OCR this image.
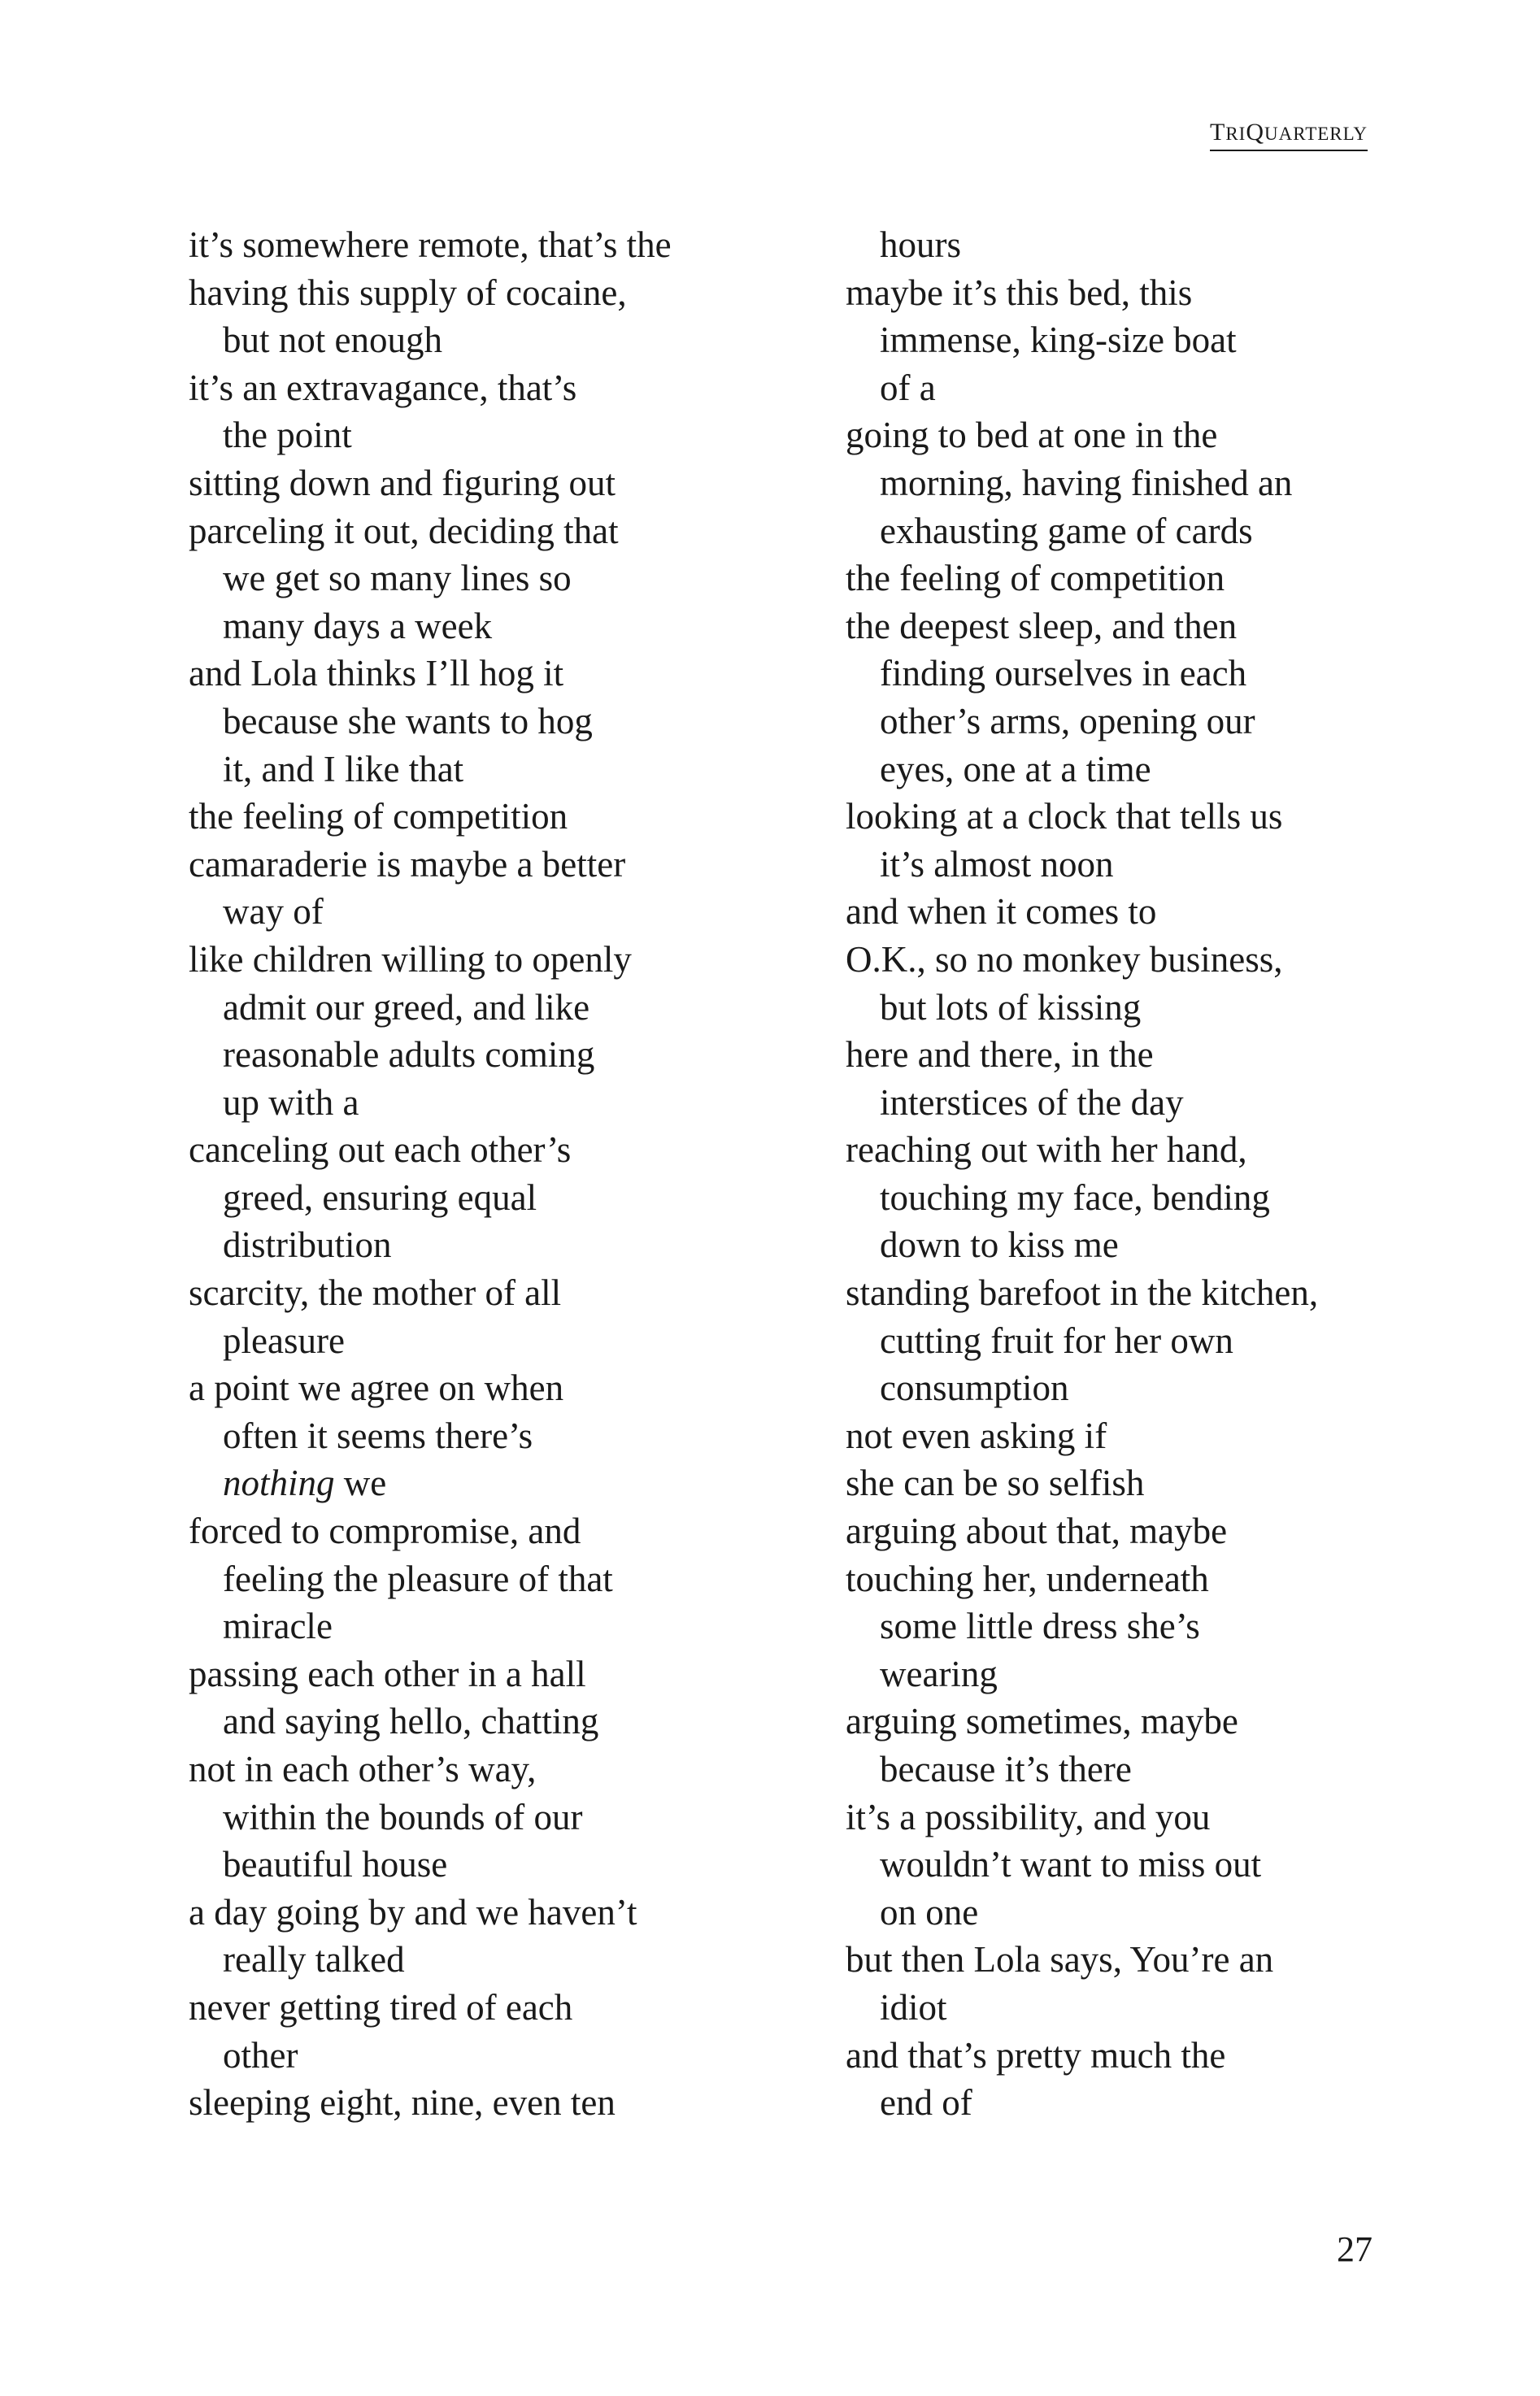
TRIQUARTERLY
it’s somewhere remote, that’s the
having this supply of cocaine,
but not enough
it’s an extravagance, that’s
the point
sitting down and figuring out
parceling it out, deciding that
we get so many lines so
many days a week
and Lola thinks I’ll hog it
because she wants to hog
it, and I like that
the feeling of competition
camaraderie is maybe a better
way of
like children willing to openly
admit our greed, and like
reasonable adults coming
up with a
canceling out each other’s
greed, ensuring equal
distribution
scarcity, the mother of all
pleasure
a point we agree on when
often it seems there’s
nothing we
forced to compromise, and
feeling the pleasure of that
miracle
passing each other in a hall
and saying hello, chatting
not in each other’s way,
within the bounds of our
beautiful house
a day going by and we haven’t
really talked
never getting tired of each
other
sleeping eight, nine, even ten
hours
maybe it’s this bed, this
immense, king-size boat
of a
going to bed at one in the
morning, having finished an
exhausting game of cards
the feeling of competition
the deepest sleep, and then
finding ourselves in each
other’s arms, opening our
eyes, one at a time
looking at a clock that tells us
it’s almost noon
and when it comes to
O.K., so no monkey business,
but lots of kissing
here and there, in the
interstices of the day
reaching out with her hand,
touching my face, bending
down to kiss me
standing barefoot in the kitchen,
cutting fruit for her own
consumption
not even asking if
she can be so selfish
arguing about that, maybe
touching her, underneath
some little dress she’s
wearing
arguing sometimes, maybe
because it’s there
it’s a possibility, and you
wouldn’t want to miss out
on one
but then Lola says, You’re an
idiot
and that’s pretty much the
end of
27
